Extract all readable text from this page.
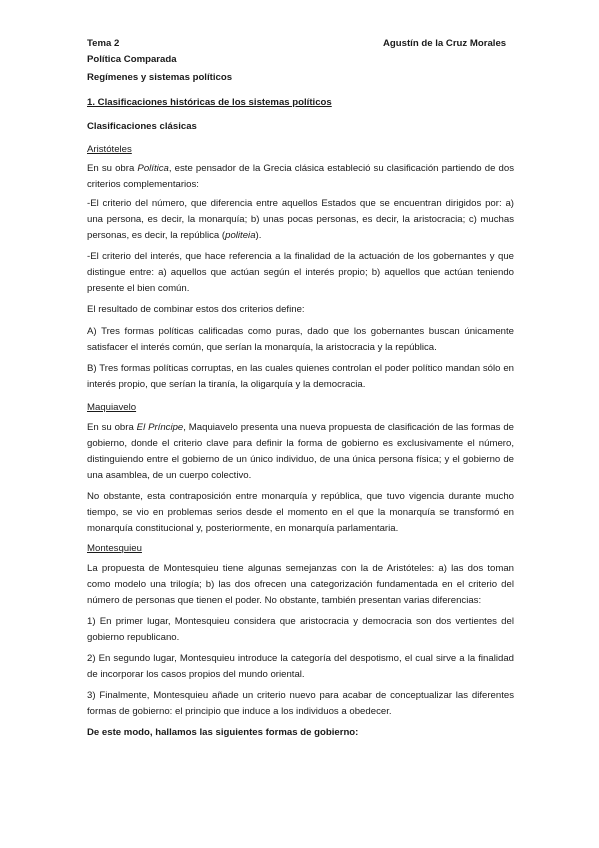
Tema 2
Política Comparada
Agustín de la Cruz Morales

Regímenes y sistemas políticos

1. Clasificaciones históricas de los sistemas políticos

Clasificaciones clásicas

Aristóteles

En su obra Política, este pensador de la Grecia clásica estableció su clasificación partiendo de dos criterios complementarios:

-El criterio del número, que diferencia entre aquellos Estados que se encuentran dirigidos por: a) una persona, es decir, la monarquía; b) unas pocas personas, es decir, la aristocracia; c) muchas personas, es decir, la república (politeia).

-El criterio del interés, que hace referencia a la finalidad de la actuación de los gobernantes y que distingue entre: a) aquellos que actúan según el interés propio; b) aquellos que actúan teniendo presente el bien común.

El resultado de combinar estos dos criterios define:

A) Tres formas políticas calificadas como puras, dado que los gobernantes buscan únicamente satisfacer el interés común, que serían la monarquía, la aristocracia y la república.

B) Tres formas políticas corruptas, en las cuales quienes controlan el poder político mandan sólo en interés propio, que serían la tiranía, la oligarquía y la democracia.

Maquiavelo

En su obra El Príncipe, Maquiavelo presenta una nueva propuesta de clasificación de las formas de gobierno, donde el criterio clave para definir la forma de gobierno es exclusivamente el número, distinguiendo entre el gobierno de un único individuo, de una única persona física; y el gobierno de una asamblea, de un cuerpo colectivo.

No obstante, esta contraposición entre monarquía y república, que tuvo vigencia durante mucho tiempo, se vio en problemas serios desde el momento en el que la monarquía se transformó en monarquía constitucional y, posteriormente, en monarquía parlamentaria.

Montesquieu

La propuesta de Montesquieu tiene algunas semejanzas con la de Aristóteles: a) las dos toman como modelo una trilogía; b) las dos ofrecen una categorización fundamentada en el criterio del número de personas que tienen el poder. No obstante, también presentan varias diferencias:

1) En primer lugar, Montesquieu considera que aristocracia y democracia son dos vertientes del gobierno republicano.

2) En segundo lugar, Montesquieu introduce la categoría del despotismo, el cual sirve a la finalidad de incorporar los casos propios del mundo oriental.

3) Finalmente, Montesquieu añade un criterio nuevo para acabar de conceptualizar las diferentes formas de gobierno: el principio que induce a los individuos a obedecer.

De este modo, hallamos las siguientes formas de gobierno:
